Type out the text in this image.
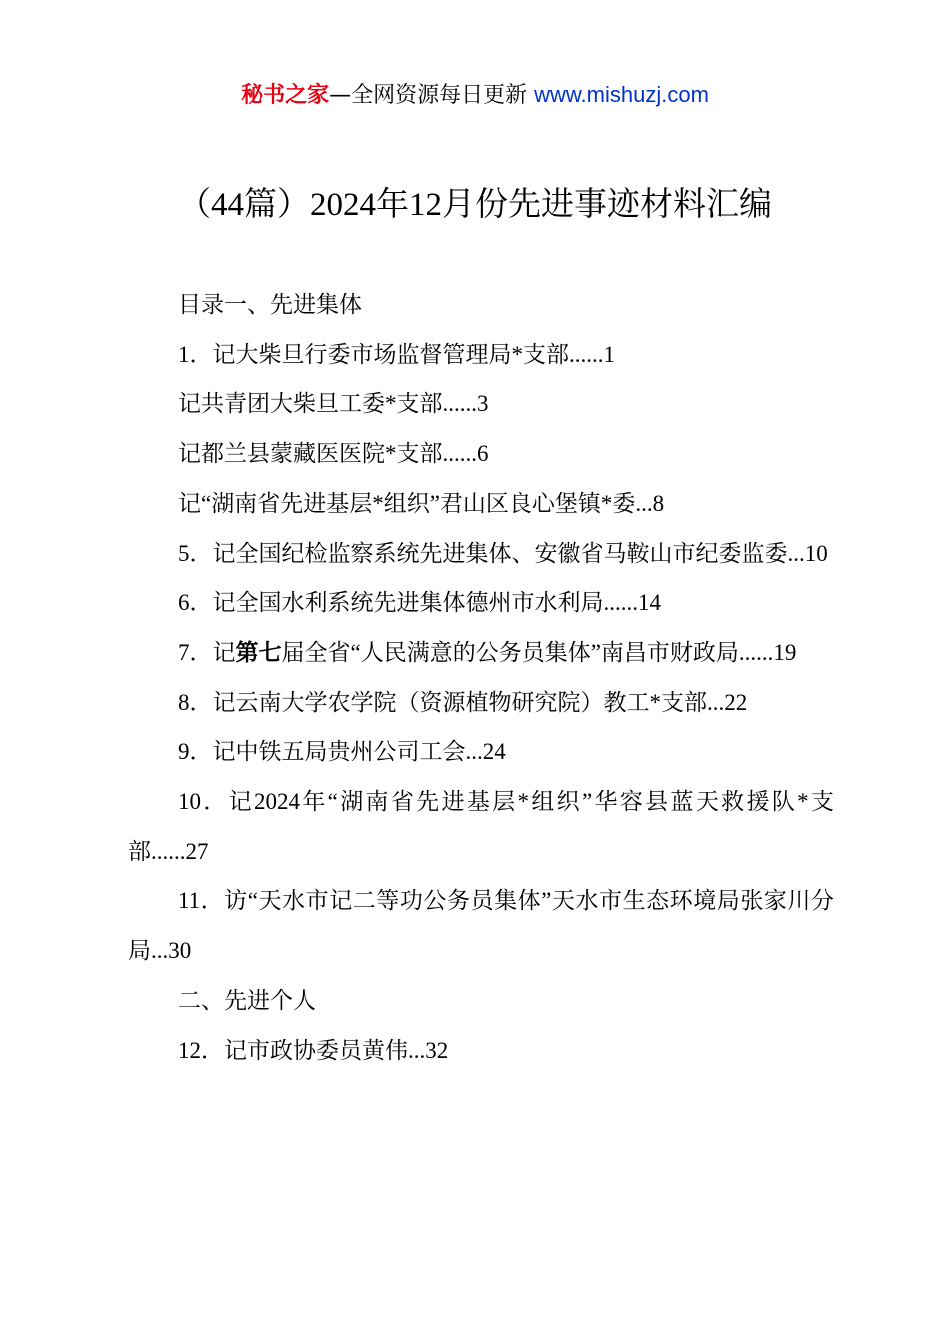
秘书之家—全网资源每日更新 www.mishuzj.com
（44篇）2024年12月份先进事迹材料汇编
目录一、先进集体
1．记大柴旦行委市场监督管理局*支部......1
记共青团大柴旦工委*支部......3
记都兰县蒙藏医医院*支部......6
记“湖南省先进基层*组织”君山区良心堡镇*委...8
5．记全国纪检监察系统先进集体、安徽省马鞍山市纪委监委...10
6．记全国水利系统先进集体德州市水利局......14
7．记第七届全省“人民满意的公务员集体”南昌市财政局......19
8．记云南大学农学院（资源植物研究院）教工*支部...22
9．记中铁五局贵州公司工会...24
10．记2024年“湖南省先进基层*组织”华容县蓝天救援队*支部......27
11．访“天水市记二等功公务员集体”天水市生态环境局张家川分局...30
二、先进个人
12．记市政协委员黄伟...32
